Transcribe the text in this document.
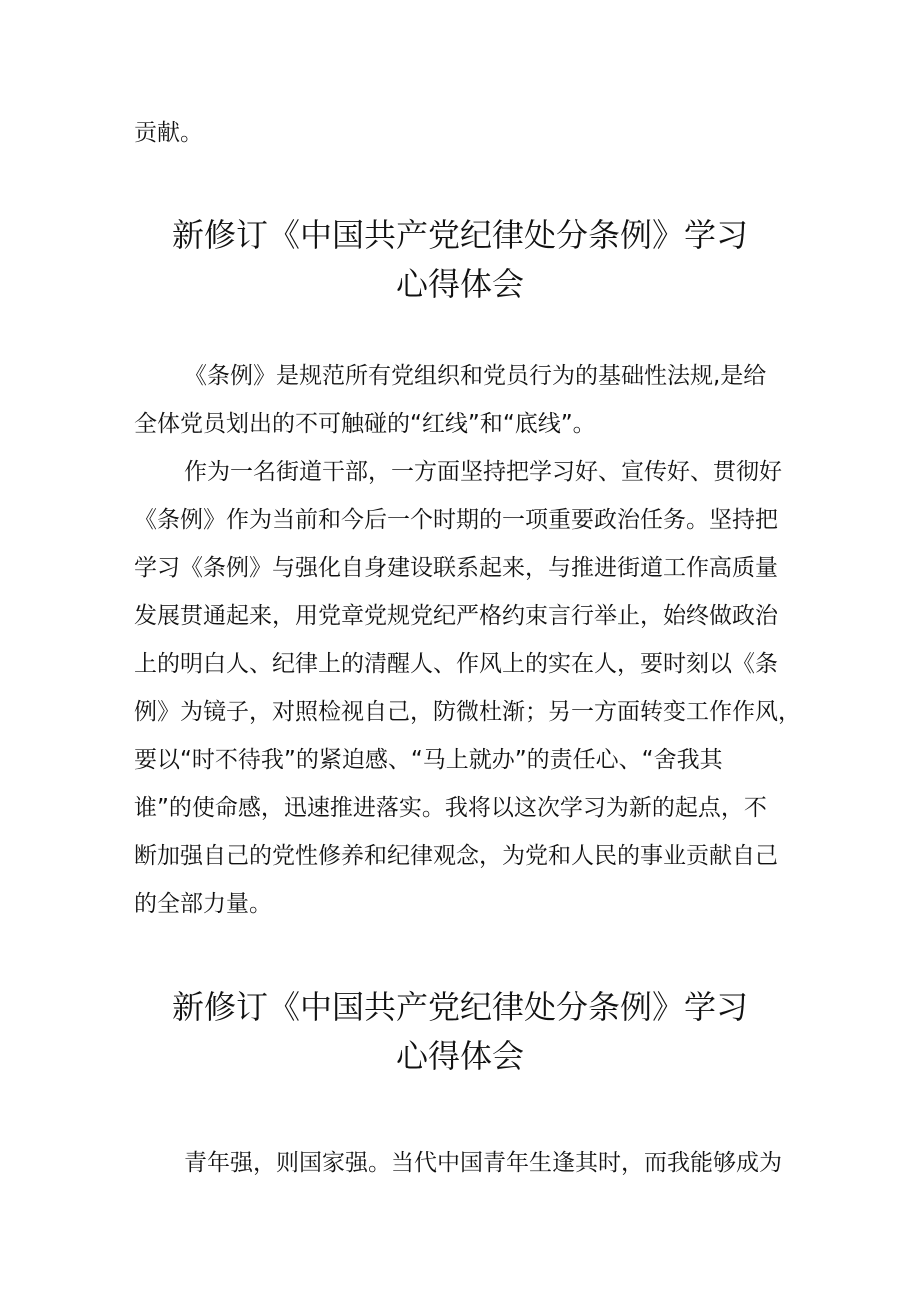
贡献。
新修订《中国共产党纪律处分条例》学习
心得体会
《条例》是规范所有党组织和党员行为的基础性法规,是给
全体党员划出的不可触碰的“红线”和“底线”。
作为一名街道干部，一方面坚持把学习好、宣传好、贯彻好
《条例》作为当前和今后一个时期的一项重要政治任务。坚持把
学习《条例》与强化自身建设联系起来，与推进街道工作高质量
发展贯通起来，用党章党规党纪严格约束言行举止，始终做政治
上的明白人、纪律上的清醒人、作风上的实在人，要时刻以《条
例》为镜子，对照检视自己，防微杜渐；另一方面转变工作作风，
要以“时不待我”的紧迫感、“马上就办”的责任心、“舍我其
谁”的使命感，迅速推进落实。我将以这次学习为新的起点，不
断加强自己的党性修养和纪律观念，为党和人民的事业贡献自己
的全部力量。
新修订《中国共产党纪律处分条例》学习
心得体会
青年强，则国家强。当代中国青年生逢其时，而我能够成为
